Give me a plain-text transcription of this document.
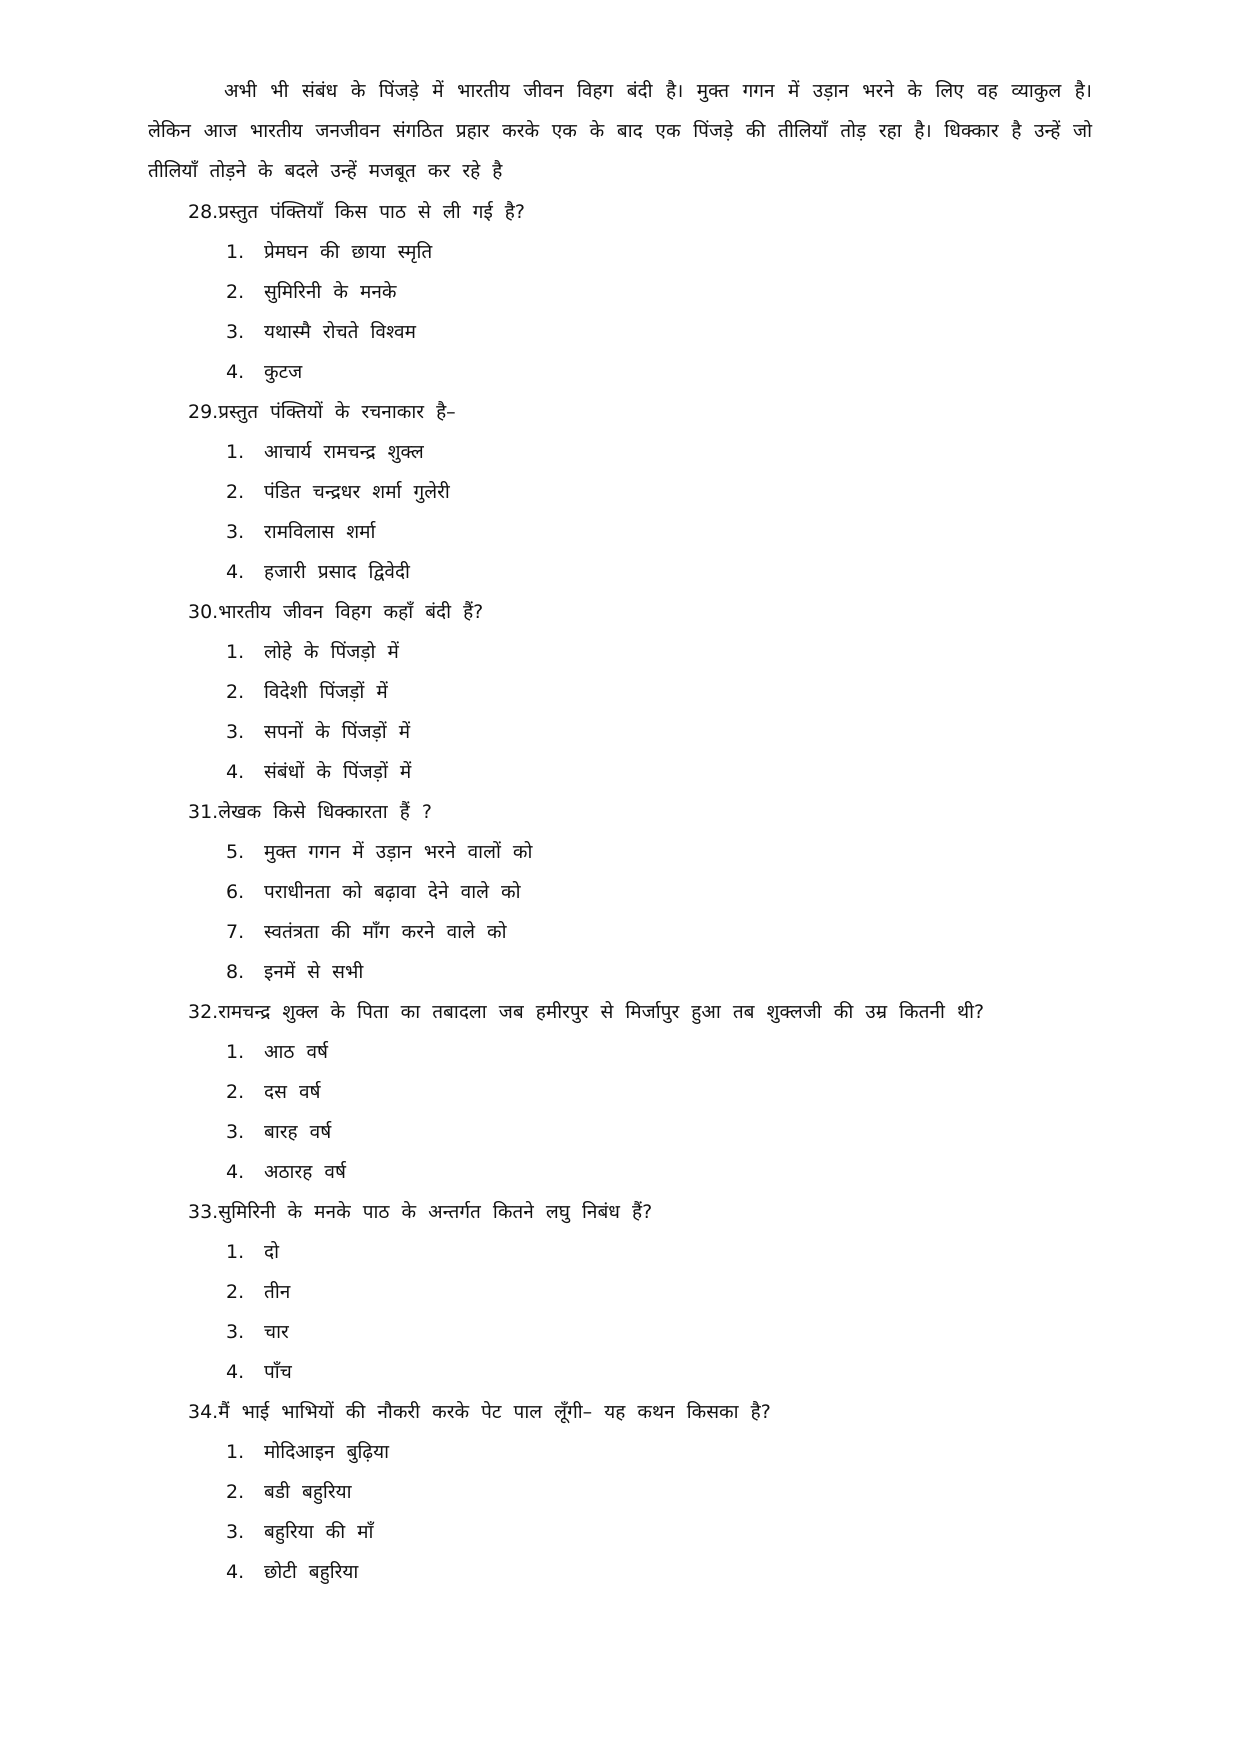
अभी भी संबंध के पिंजड़े में भारतीय जीवन विहग बंदी है। मुक्त गगन में उड़ान भरने के लिए वह व्याकुल है। लेकिन आज भारतीय जनजीवन संगठित प्रहार करके एक के बाद एक पिंजड़े की तीलियाँ तोड़ रहा है। धिक्कार है उन्हें जो तीलियाँ तोड़ने के बदले उन्हें मजबूत कर रहे है

28.प्रस्तुत पंक्तियाँ किस पाठ से ली गई है?
1. प्रेमघन की छाया स्मृति
2. सुमिरिनी के मनके
3. यथास्मै रोचते विश्वम
4. कुटज
29.प्रस्तुत पंक्तियों के रचनाकार है–
1. आचार्य रामचन्द्र शुक्ल
2. पंडित चन्द्रधर शर्मा गुलेरी
3. रामविलास शर्मा
4. हजारी प्रसाद द्विवेदी
30.भारतीय जीवन विहग कहाँ बंदी हैं?
1. लोहे के पिंजड़ो में
2. विदेशी पिंजड़ों में
3. सपनों के पिंजड़ों में
4. संबंधों के पिंजड़ों में
31.लेखक किसे धिक्कारता हैं ?
5. मुक्त गगन में उड़ान भरने वालों को
6. पराधीनता को बढ़ावा देने वाले को
7. स्वतंत्रता की माँग करने वाले को
8. इनमें से सभी
32.रामचन्द्र शुक्ल के पिता का तबादला जब हमीरपुर से मिर्जापुर हुआ तब शुक्लजी की उम्र कितनी थी?
1. आठ वर्ष
2. दस वर्ष
3. बारह वर्ष
4. अठारह वर्ष
33.सुमिरिनी के मनके पाठ के अन्तर्गत कितने लघु निबंध हैं?
1. दो
2. तीन
3. चार
4. पाँच
34.मैं भाई भाभियों की नौकरी करके पेट पाल लूँगी– यह कथन किसका है?
1. मोदिआइन बुढ़िया
2. बडी बहुरिया
3. बहुरिया की माँ
4. छोटी बहुरिया
